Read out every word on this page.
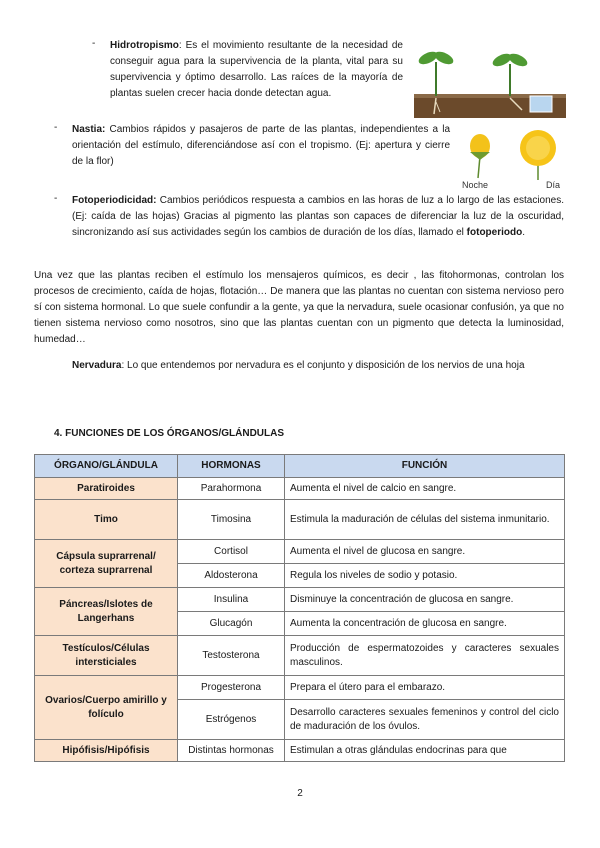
- Hidrotropismo: Es el movimiento resultante de la necesidad de conseguir agua para la supervivencia de la planta, vital para su supervivencia y óptimo desarrollo. Las raíces de la mayoría de plantas suelen crecer hacia donde detectan agua.
- Nastia: Cambios rápidos y pasajeros de parte de las plantas, independientes a la orientación del estímulo, diferenciándose así con el tropismo. (Ej: apertura y cierre de la flor)
Noche	Día
- Fotoperiodicidad: Cambios periódicos respuesta a cambios en las horas de luz a lo largo de las estaciones. (Ej: caída de las hojas) Gracias al pigmento las plantas son capaces de diferenciar la luz de la oscuridad, sincronizando así sus actividades según los cambios de duración de los días, llamado el fotoperiodo.
Una vez que las plantas reciben el estímulo los mensajeros químicos, es decir , las fitohormonas, controlan los procesos de crecimiento, caída de hojas, flotación… De manera que las plantas no cuentan con sistema nervioso pero sí con sistema hormonal. Lo que suele confundir a la gente, ya que la nervadura, suele ocasionar confusión, ya que no tienen sistema nervioso como nosotros, sino que las plantas cuentan con un pigmento que detecta la luminosidad, humedad…
Nervadura: Lo que entendemos por nervadura es el conjunto y disposición de los nervios de una hoja
4. FUNCIONES DE LOS ÓRGANOS/GLÁNDULAS
ÓRGANO/GLÁNDULA	HORMONAS	FUNCIÓN
Paratiroides	Parahormona	Aumenta el nivel de calcio en sangre.
Timo	Timosina	Estimula la maduración de células del sistema inmunitario.
Cápsula suprarrenal/ corteza suprarrenal	Cortisol	Aumenta el nivel de glucosa en sangre.
	Aldosterona	Regula los niveles de sodio y potasio.
Páncreas/Islotes de Langerhans	Insulina	Disminuye la concentración de glucosa en sangre.
	Glucagón	Aumenta la concentración de glucosa en sangre.
Testículos/Células intersticiales	Testosterona	Producción de espermatozoides y caracteres sexuales masculinos.
Ovarios/Cuerpo amirillo y folículo	Progesterona	Prepara el útero para el embarazo.
	Estrógenos	Desarrollo caracteres sexuales femeninos y control del ciclo de maduración de los óvulos.
Hipófisis/Hipófisis	Distintas hormonas	Estimulan a otras glándulas endocrinas para que
2
